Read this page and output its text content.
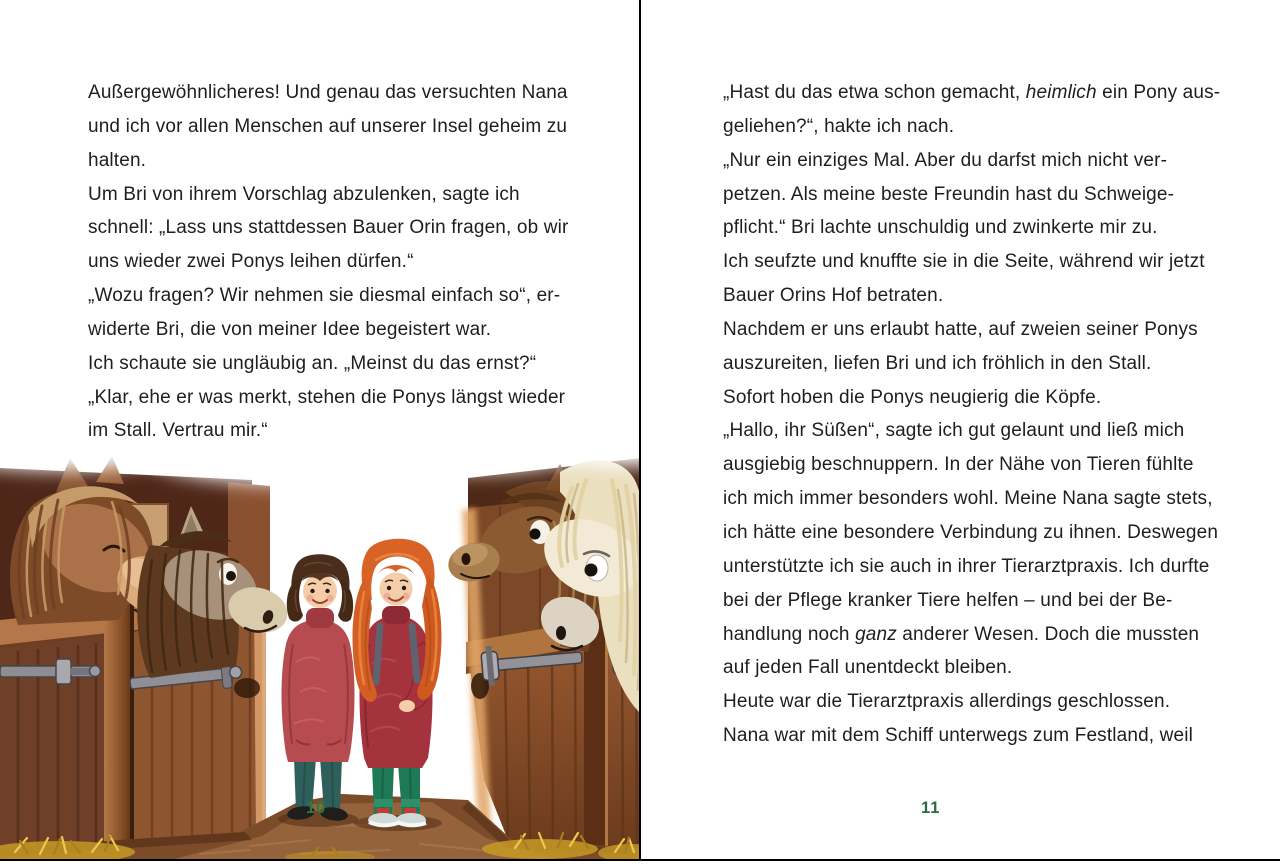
Außergewöhnlicheres! Und genau das versuchten Nana

und ich vor allen Menschen auf unserer Insel geheim zu

halten.

Um Bri von ihrem Vorschlag abzulenken, sagte ich

schnell: „Lass uns stattdessen Bauer Orin fragen, ob wir

uns wieder zwei Ponys leihen dürfen.“

„Wozu fragen? Wir nehmen sie diesmal einfach so“, er-

widerte Bri, die von meiner Idee begeistert war.

Ich schaute sie ungläubig an. „Meinst du das ernst?“

„Klar, ehe er was merkt, stehen die Ponys längst wieder

im Stall. Vertrau mir.“

10

„Hast du das etwa schon gemacht, heimlich ein Pony aus-

geliehen?“, hakte ich nach.

„Nur ein einziges Mal. Aber du darfst mich nicht ver-

petzen. Als meine beste Freundin hast du Schweige-

pflicht.“ Bri lachte unschuldig und zwinkerte mir zu.

Ich seufzte und knuffte sie in die Seite, während wir jetzt

Bauer Orins Hof betraten.

Nachdem er uns erlaubt hatte, auf zweien seiner Ponys

auszureiten, liefen Bri und ich fröhlich in den Stall.

Sofort hoben die Ponys neugierig die Köpfe.

„Hallo, ihr Süßen“, sagte ich gut gelaunt und ließ mich

ausgiebig beschnuppern. In der Nähe von Tieren fühlte

ich mich immer besonders wohl. Meine Nana sagte stets,

ich hätte eine besondere Verbindung zu ihnen. Deswegen

unterstützte ich sie auch in ihrer Tierarztpraxis. Ich durfte

bei der Pflege kranker Tiere helfen – und bei der Be-

handlung noch ganz anderer Wesen. Doch die mussten

auf jeden Fall unentdeckt bleiben.

Heute war die Tierarztpraxis allerdings geschlossen.

Nana war mit dem Schiff unterwegs zum Festland, weil

11
